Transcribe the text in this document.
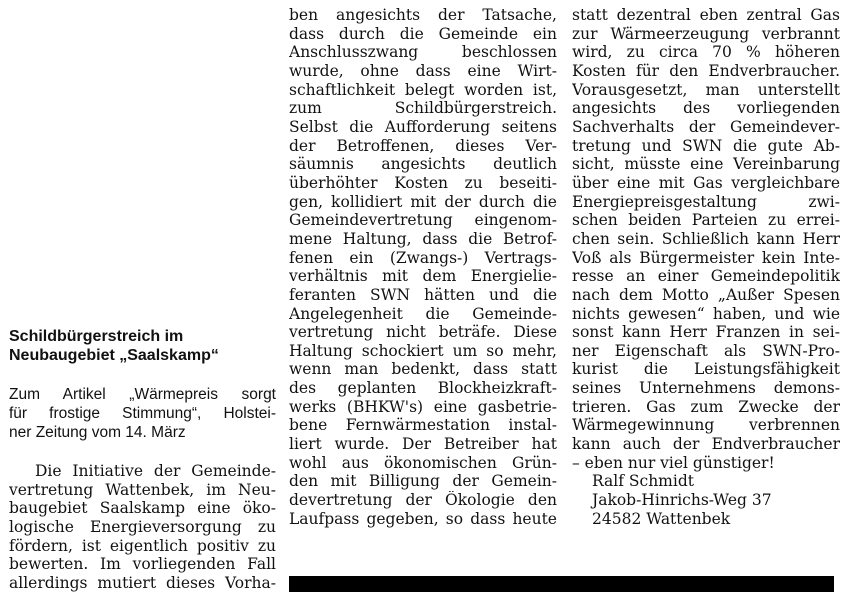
Schildbürgerstreich im
Neubaugebiet „Saalskamp“
Zum Artikel „Wärmepreis sorgt
für frostige Stimmung“, Holstei-
ner Zeitung vom 14. März
Die Initiative der Gemeinde-
vertretung Wattenbek, im Neu-
baugebiet Saalskamp eine öko-
logische Energieversorgung zu
fördern, ist eigentlich positiv zu
bewerten. Im vorliegenden Fall
allerdings mutiert dieses Vorha-
ben angesichts der Tatsache,
dass durch die Gemeinde ein
Anschlusszwang beschlossen
wurde, ohne dass eine Wirt-
schaftlichkeit belegt worden ist,
zum Schildbürgerstreich.
Selbst die Aufforderung seitens
der Betroffenen, dieses Ver-
säumnis angesichts deutlich
überhöhter Kosten zu beseiti-
gen, kollidiert mit der durch die
Gemeindevertretung eingenom-
mene Haltung, dass die Betrof-
fenen ein (Zwangs-) Vertrags-
verhältnis mit dem Energielie-
feranten SWN hätten und die
Angelegenheit die Gemeinde-
vertretung nicht beträfe. Diese
Haltung schockiert um so mehr,
wenn man bedenkt, dass statt
des geplanten Blockheizkraft-
werks (BHKW's) eine gasbetrie-
bene Fernwärmestation instal-
liert wurde. Der Betreiber hat
wohl aus ökonomischen Grün-
den mit Billigung der Gemein-
devertretung der Ökologie den
Laufpass gegeben, so dass heute
statt dezentral eben zentral Gas
zur Wärmeerzeugung verbrannt
wird, zu circa 70 % höheren
Kosten für den Endverbraucher.
Vorausgesetzt, man unterstellt
angesichts des vorliegenden
Sachverhalts der Gemeindever-
tretung und SWN die gute Ab-
sicht, müsste eine Vereinbarung
über eine mit Gas vergleichbare
Energiepreisgestaltung zwi-
schen beiden Parteien zu errei-
chen sein. Schließlich kann Herr
Voß als Bürgermeister kein Inte-
resse an einer Gemeindepolitik
nach dem Motto „Außer Spesen
nichts gewesen“ haben, und wie
sonst kann Herr Franzen in sei-
ner Eigenschaft als SWN-Pro-
kurist die Leistungsfähigkeit
seines Unternehmens demons-
trieren. Gas zum Zwecke der
Wärmegewinnung verbrennen
kann auch der Endverbraucher
– eben nur viel günstiger!
Ralf Schmidt
Jakob-Hinrichs-Weg 37
24582 Wattenbek
